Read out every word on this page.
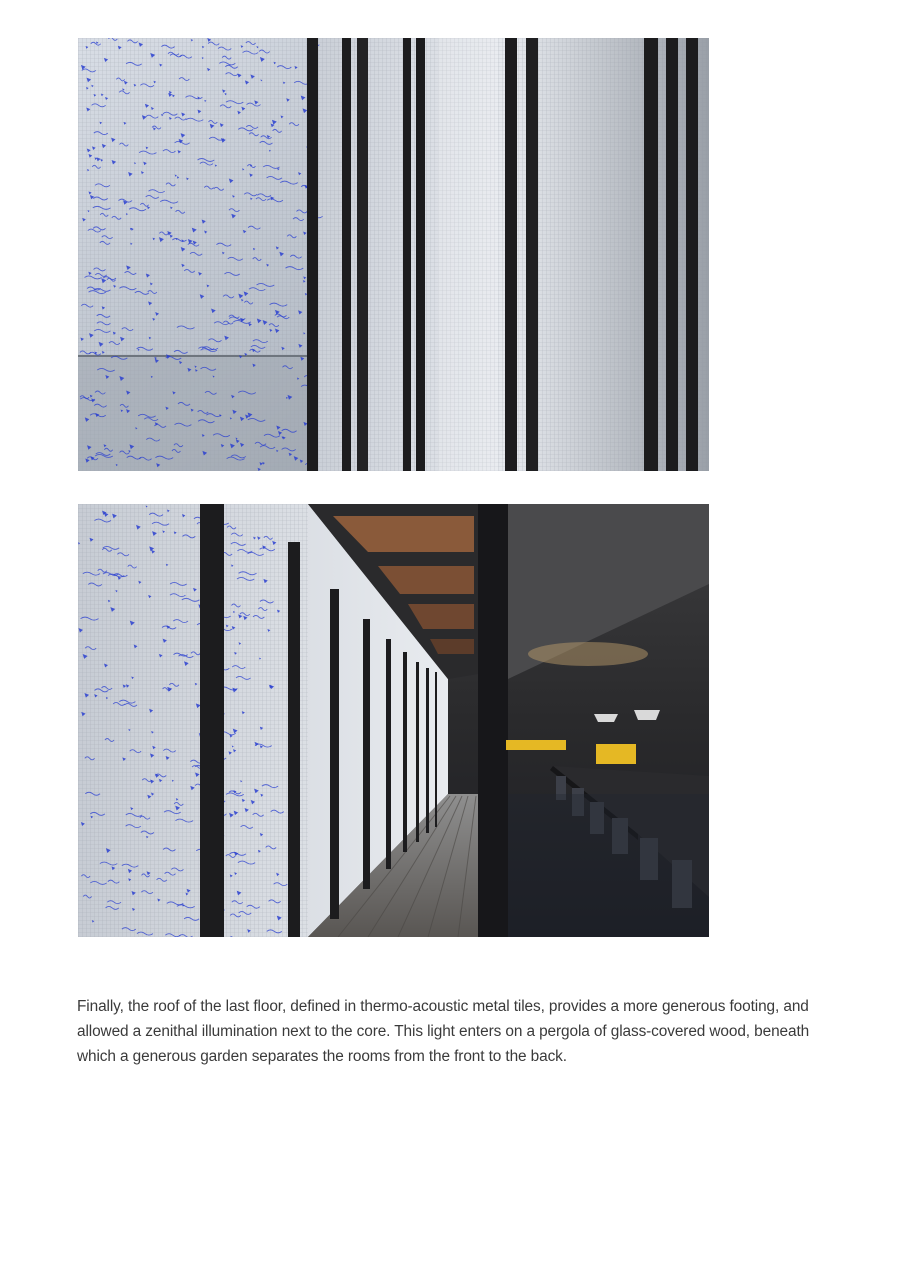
Finally, the roof of the last floor, defined in thermo-acoustic metal tiles, provides a more generous footing, and allowed a zenithal illumination next to the core. This light enters on a pergola of glass-covered wood, beneath which a generous garden separates the rooms from the front to the back.
